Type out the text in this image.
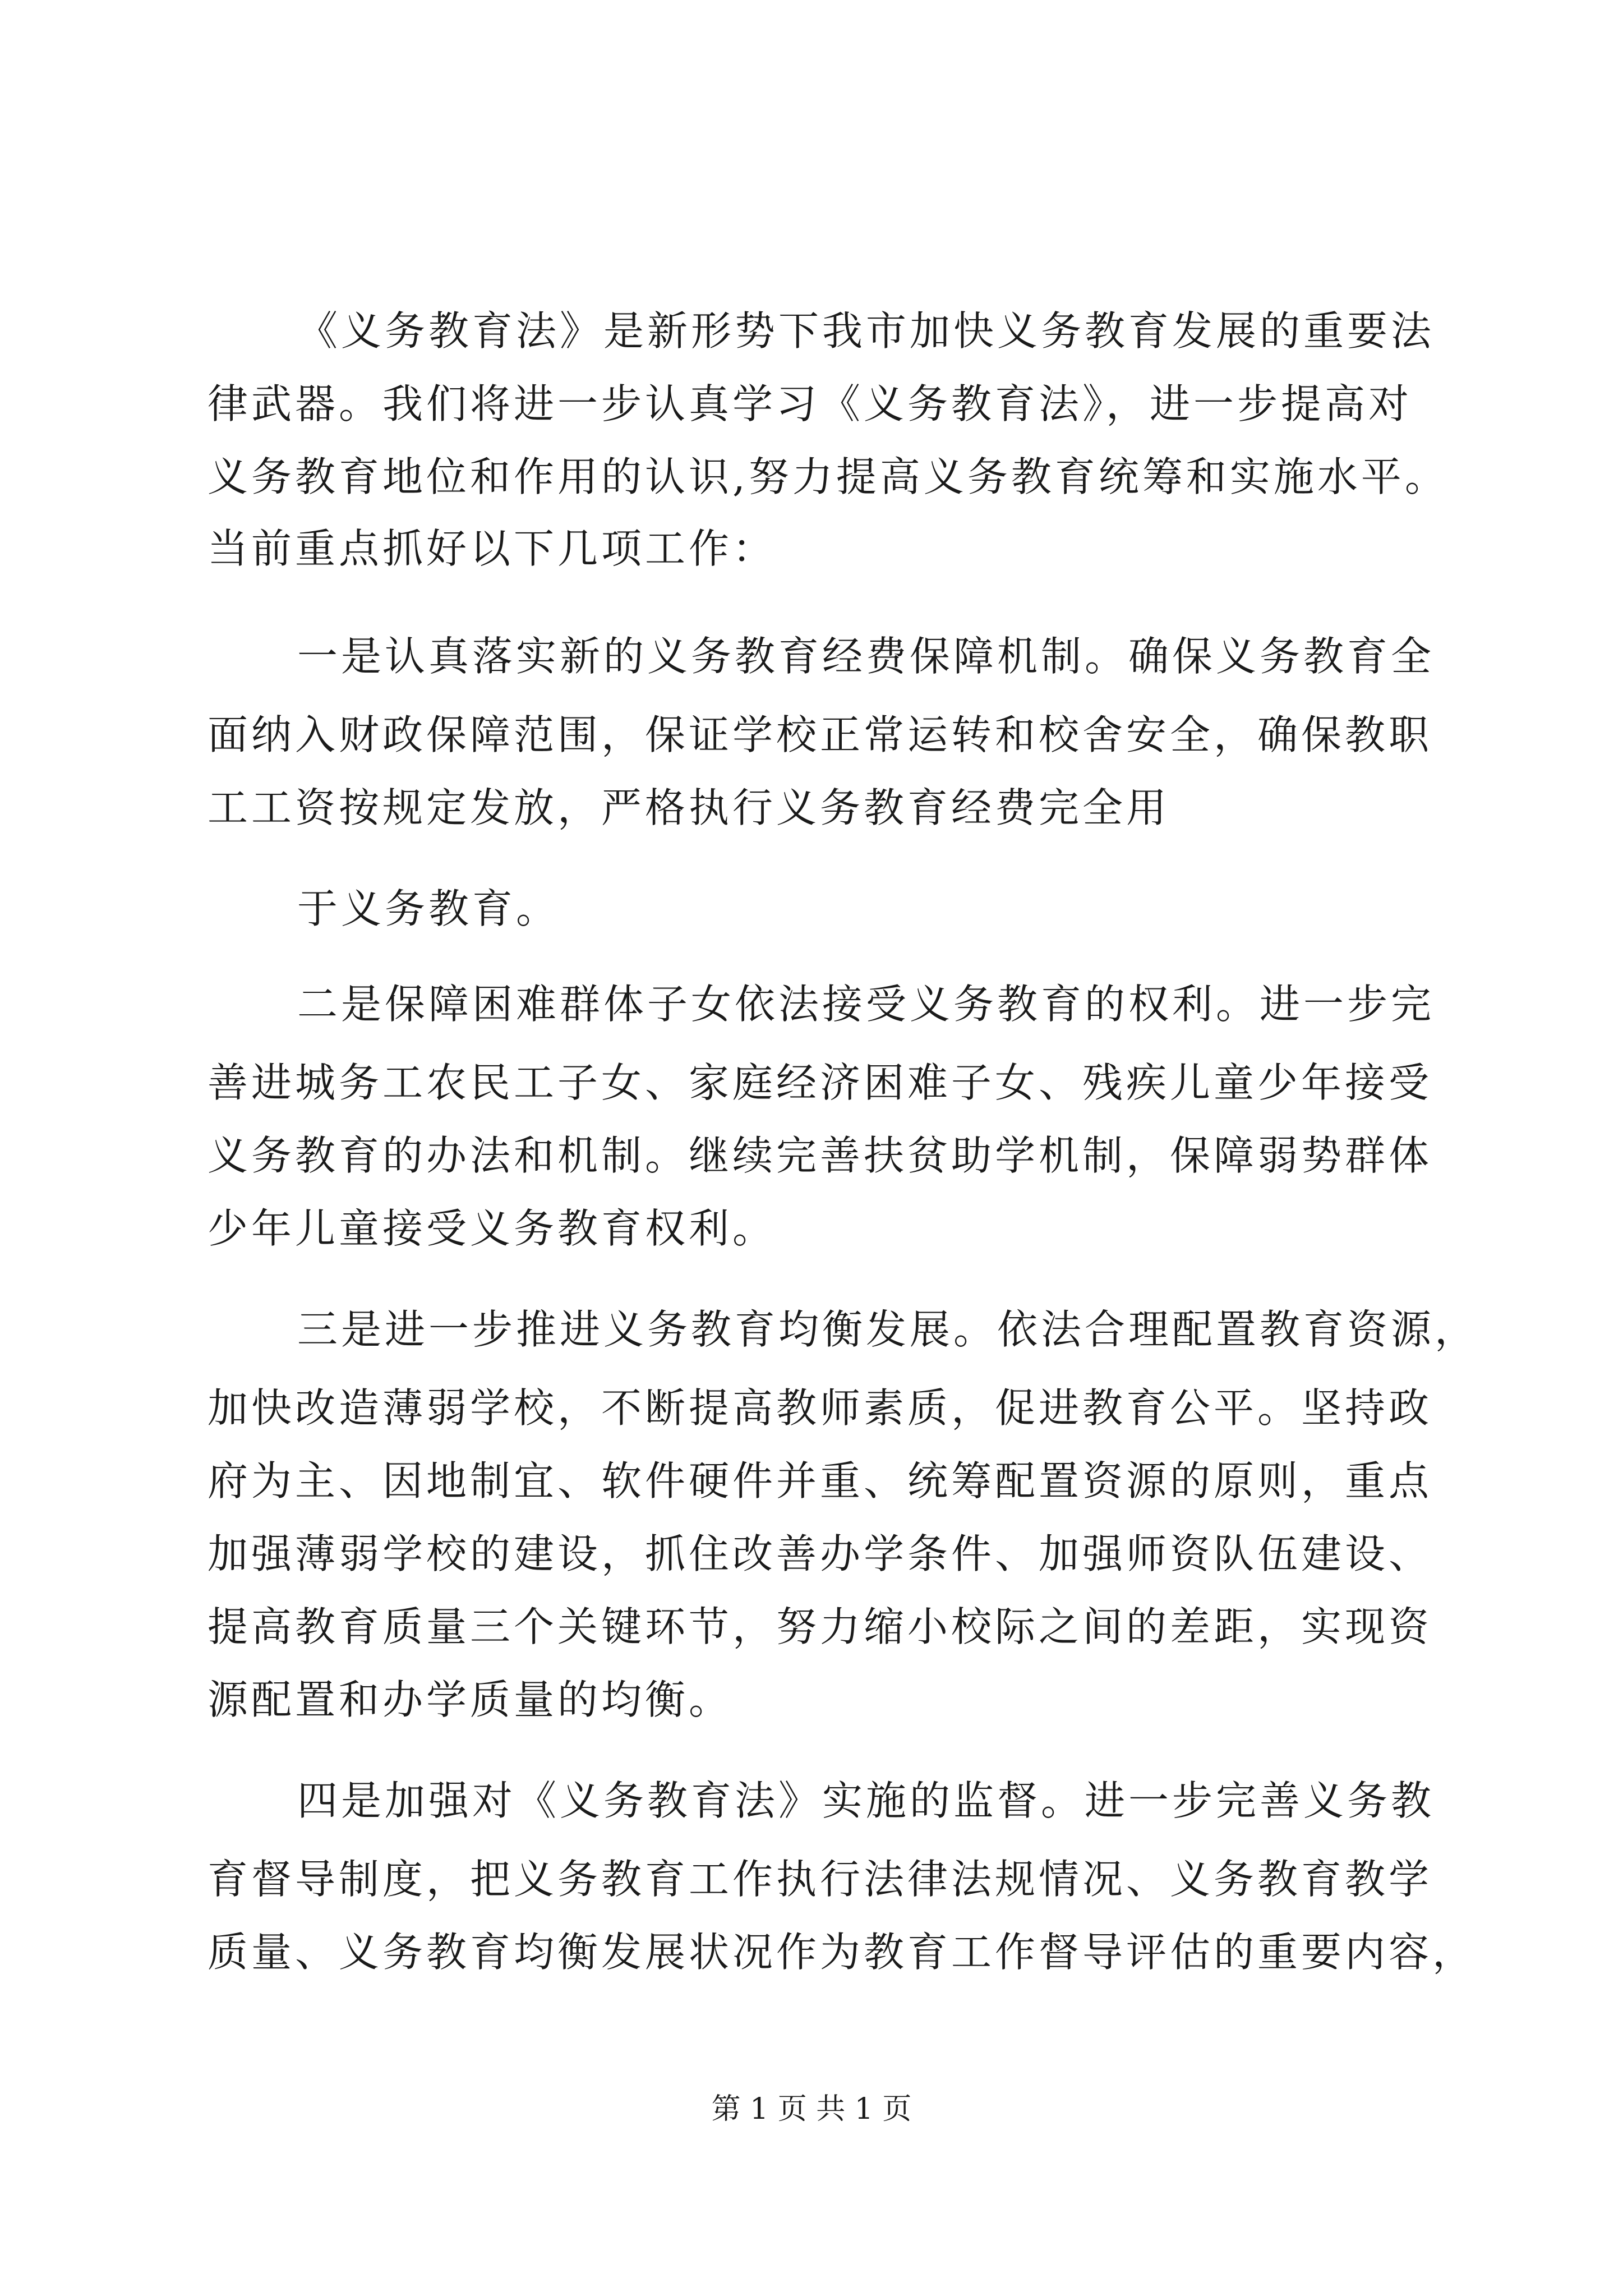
《义务教育法》是新形势下我市加快义务教育发展的重要法
律武器。我们将进一步认真学习《义务教育法》，进一步提高对
义务教育地位和作用的认识,努力提高义务教育统筹和实施水平。
当前重点抓好以下几项工作：
一是认真落实新的义务教育经费保障机制。确保义务教育全
面纳入财政保障范围，保证学校正常运转和校舍安全，确保教职
工工资按规定发放，严格执行义务教育经费完全用
于义务教育。
二是保障困难群体子女依法接受义务教育的权利。进一步完
善进城务工农民工子女、家庭经济困难子女、残疾儿童少年接受
义务教育的办法和机制。继续完善扶贫助学机制，保障弱势群体
少年儿童接受义务教育权利。
三是进一步推进义务教育均衡发展。依法合理配置教育资源，
加快改造薄弱学校，不断提高教师素质，促进教育公平。坚持政
府为主、因地制宜、软件硬件并重、统筹配置资源的原则，重点
加强薄弱学校的建设，抓住改善办学条件、加强师资队伍建设、
提高教育质量三个关键环节，努力缩小校际之间的差距，实现资
源配置和办学质量的均衡。
四是加强对《义务教育法》实施的监督。进一步完善义务教
育督导制度，把义务教育工作执行法律法规情况、义务教育教学
质量、义务教育均衡发展状况作为教育工作督导评估的重要内容，
第 1 页 共 1 页
